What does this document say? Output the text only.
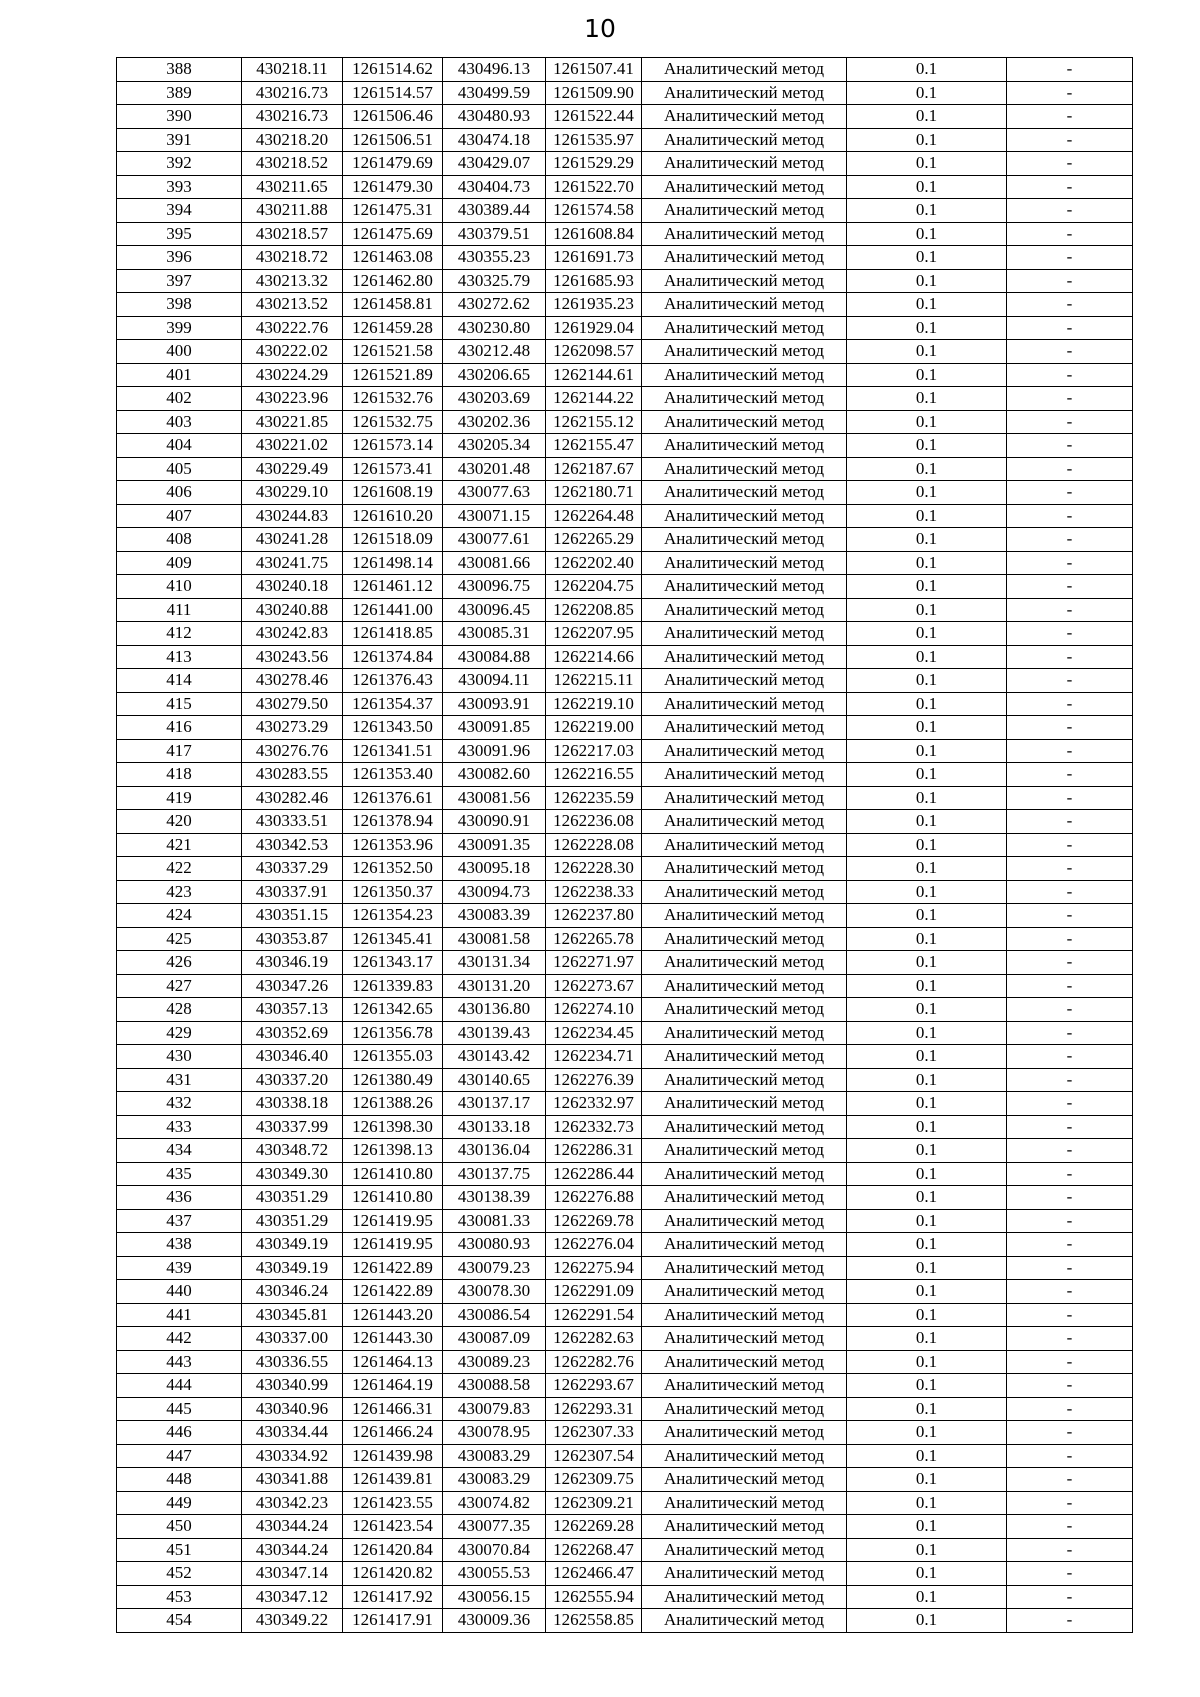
10
388	430218.11	1261514.62	430496.13	1261507.41	Аналитический метод	0.1	-
389	430216.73	1261514.57	430499.59	1261509.90	Аналитический метод	0.1	-
390	430216.73	1261506.46	430480.93	1261522.44	Аналитический метод	0.1	-
391	430218.20	1261506.51	430474.18	1261535.97	Аналитический метод	0.1	-
392	430218.52	1261479.69	430429.07	1261529.29	Аналитический метод	0.1	-
393	430211.65	1261479.30	430404.73	1261522.70	Аналитический метод	0.1	-
394	430211.88	1261475.31	430389.44	1261574.58	Аналитический метод	0.1	-
395	430218.57	1261475.69	430379.51	1261608.84	Аналитический метод	0.1	-
396	430218.72	1261463.08	430355.23	1261691.73	Аналитический метод	0.1	-
397	430213.32	1261462.80	430325.79	1261685.93	Аналитический метод	0.1	-
398	430213.52	1261458.81	430272.62	1261935.23	Аналитический метод	0.1	-
399	430222.76	1261459.28	430230.80	1261929.04	Аналитический метод	0.1	-
400	430222.02	1261521.58	430212.48	1262098.57	Аналитический метод	0.1	-
401	430224.29	1261521.89	430206.65	1262144.61	Аналитический метод	0.1	-
402	430223.96	1261532.76	430203.69	1262144.22	Аналитический метод	0.1	-
403	430221.85	1261532.75	430202.36	1262155.12	Аналитический метод	0.1	-
404	430221.02	1261573.14	430205.34	1262155.47	Аналитический метод	0.1	-
405	430229.49	1261573.41	430201.48	1262187.67	Аналитический метод	0.1	-
406	430229.10	1261608.19	430077.63	1262180.71	Аналитический метод	0.1	-
407	430244.83	1261610.20	430071.15	1262264.48	Аналитический метод	0.1	-
408	430241.28	1261518.09	430077.61	1262265.29	Аналитический метод	0.1	-
409	430241.75	1261498.14	430081.66	1262202.40	Аналитический метод	0.1	-
410	430240.18	1261461.12	430096.75	1262204.75	Аналитический метод	0.1	-
411	430240.88	1261441.00	430096.45	1262208.85	Аналитический метод	0.1	-
412	430242.83	1261418.85	430085.31	1262207.95	Аналитический метод	0.1	-
413	430243.56	1261374.84	430084.88	1262214.66	Аналитический метод	0.1	-
414	430278.46	1261376.43	430094.11	1262215.11	Аналитический метод	0.1	-
415	430279.50	1261354.37	430093.91	1262219.10	Аналитический метод	0.1	-
416	430273.29	1261343.50	430091.85	1262219.00	Аналитический метод	0.1	-
417	430276.76	1261341.51	430091.96	1262217.03	Аналитический метод	0.1	-
418	430283.55	1261353.40	430082.60	1262216.55	Аналитический метод	0.1	-
419	430282.46	1261376.61	430081.56	1262235.59	Аналитический метод	0.1	-
420	430333.51	1261378.94	430090.91	1262236.08	Аналитический метод	0.1	-
421	430342.53	1261353.96	430091.35	1262228.08	Аналитический метод	0.1	-
422	430337.29	1261352.50	430095.18	1262228.30	Аналитический метод	0.1	-
423	430337.91	1261350.37	430094.73	1262238.33	Аналитический метод	0.1	-
424	430351.15	1261354.23	430083.39	1262237.80	Аналитический метод	0.1	-
425	430353.87	1261345.41	430081.58	1262265.78	Аналитический метод	0.1	-
426	430346.19	1261343.17	430131.34	1262271.97	Аналитический метод	0.1	-
427	430347.26	1261339.83	430131.20	1262273.67	Аналитический метод	0.1	-
428	430357.13	1261342.65	430136.80	1262274.10	Аналитический метод	0.1	-
429	430352.69	1261356.78	430139.43	1262234.45	Аналитический метод	0.1	-
430	430346.40	1261355.03	430143.42	1262234.71	Аналитический метод	0.1	-
431	430337.20	1261380.49	430140.65	1262276.39	Аналитический метод	0.1	-
432	430338.18	1261388.26	430137.17	1262332.97	Аналитический метод	0.1	-
433	430337.99	1261398.30	430133.18	1262332.73	Аналитический метод	0.1	-
434	430348.72	1261398.13	430136.04	1262286.31	Аналитический метод	0.1	-
435	430349.30	1261410.80	430137.75	1262286.44	Аналитический метод	0.1	-
436	430351.29	1261410.80	430138.39	1262276.88	Аналитический метод	0.1	-
437	430351.29	1261419.95	430081.33	1262269.78	Аналитический метод	0.1	-
438	430349.19	1261419.95	430080.93	1262276.04	Аналитический метод	0.1	-
439	430349.19	1261422.89	430079.23	1262275.94	Аналитический метод	0.1	-
440	430346.24	1261422.89	430078.30	1262291.09	Аналитический метод	0.1	-
441	430345.81	1261443.20	430086.54	1262291.54	Аналитический метод	0.1	-
442	430337.00	1261443.30	430087.09	1262282.63	Аналитический метод	0.1	-
443	430336.55	1261464.13	430089.23	1262282.76	Аналитический метод	0.1	-
444	430340.99	1261464.19	430088.58	1262293.67	Аналитический метод	0.1	-
445	430340.96	1261466.31	430079.83	1262293.31	Аналитический метод	0.1	-
446	430334.44	1261466.24	430078.95	1262307.33	Аналитический метод	0.1	-
447	430334.92	1261439.98	430083.29	1262307.54	Аналитический метод	0.1	-
448	430341.88	1261439.81	430083.29	1262309.75	Аналитический метод	0.1	-
449	430342.23	1261423.55	430074.82	1262309.21	Аналитический метод	0.1	-
450	430344.24	1261423.54	430077.35	1262269.28	Аналитический метод	0.1	-
451	430344.24	1261420.84	430070.84	1262268.47	Аналитический метод	0.1	-
452	430347.14	1261420.82	430055.53	1262466.47	Аналитический метод	0.1	-
453	430347.12	1261417.92	430056.15	1262555.94	Аналитический метод	0.1	-
454	430349.22	1261417.91	430009.36	1262558.85	Аналитический метод	0.1	-
